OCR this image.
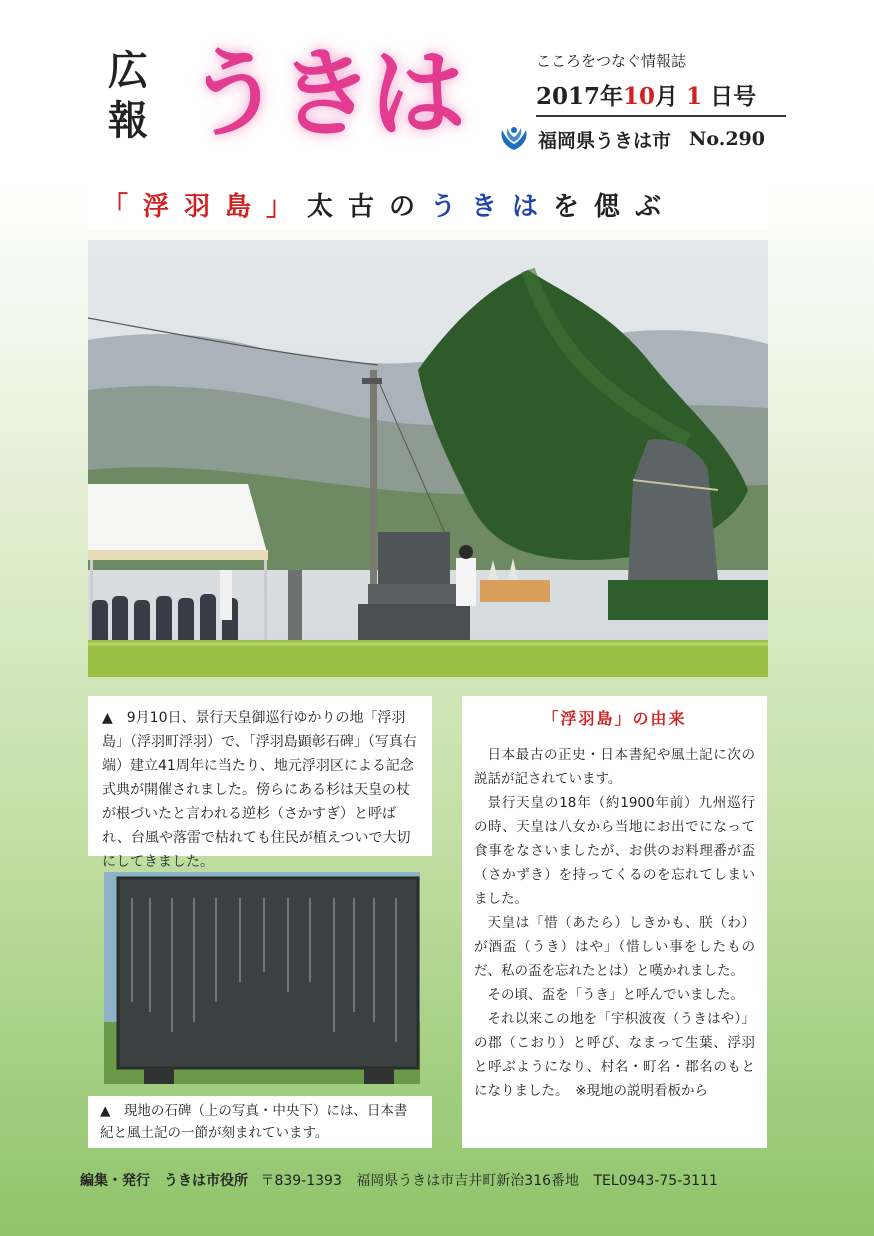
広報 うきは	こころをつなぐ情報誌
2017年10月 1 日号
福岡県うきは市 No.290
「浮羽島」 太古の うきは を偲ぶ
▲　9月10日、景行天皇御巡行ゆかりの地「浮羽島」（浮羽町浮羽）で、「浮羽島顕彰石碑」（写真右端）建立41周年に当たり、地元浮羽区による記念式典が開催されました。傍らにある杉は天皇の杖が根づいたと言われる逆杉（さかすぎ）と呼ばれ、台風や落雷で枯れても住民が植えついで大切にしてきました。
▲　現地の石碑（上の写真・中央下）には、日本書紀と風土記の一節が刻まれています。
「浮羽島」の由来

日本最古の正史・日本書紀や風土記に次の説話が記されています。

景行天皇の18年（約1900年前）九州巡行の時、天皇は八女から当地にお出でになって食事をなさいましたが、お供のお料理番が盃（さかずき）を持ってくるのを忘れてしまいました。

天皇は「惜（あたら）しきかも、朕（わ）が酒盃（うき）はや」（惜しい事をしたものだ、私の盃を忘れたとは）と嘆かれました。

その頃、盃を「うき」と呼んでいました。

それ以来この地を「宇枳波夜（うきはや）」の郡（こおり）と呼び、なまって生葉、浮羽と呼ぶようになり、村名・町名・郡名のもとになりました。　※現地の説明看板から

編集・発行　うきは市役所 〒839-1393 福岡県うきは市吉井町新治316番地 TEL0943-75-3111
